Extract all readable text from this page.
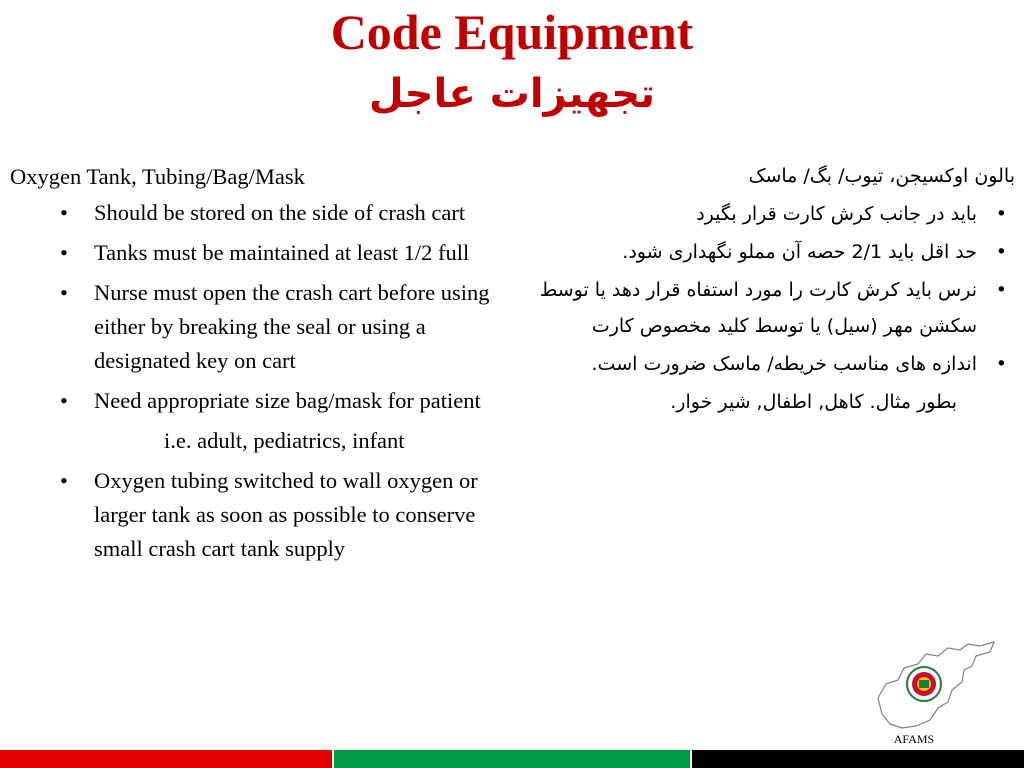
Code Equipment
تجهیزات عاجل
Oxygen Tank, Tubing/Bag/Mask
• Should be stored on the side of crash cart
• Tanks must be maintained at least 1/2 full
• Nurse must open the crash cart before using either by breaking the seal or using a designated key on cart
• Need appropriate size bag/mask for patient
i.e. adult, pediatrics, infant
• Oxygen tubing switched to wall oxygen or larger tank as soon as possible to conserve small crash cart tank supply
بالون اوکسیجن، تیوب/ بگ/ ماسک
•
باید در جانب کرش کارت قرار بگیرد
•
حد اقل باید 2/1 حصه آن مملو نگهداری شود.
•
نرس باید کرش کارت را مورد استفاه قرار دهد یا توسط سکشن مهر (سیل) یا توسط کلید مخصوص کارت
•
اندازه های مناسب خریطه/ ماسک ضرورت است.
بطور مثال. کاهل, اطفال, شیر خوار.
AFAMS
